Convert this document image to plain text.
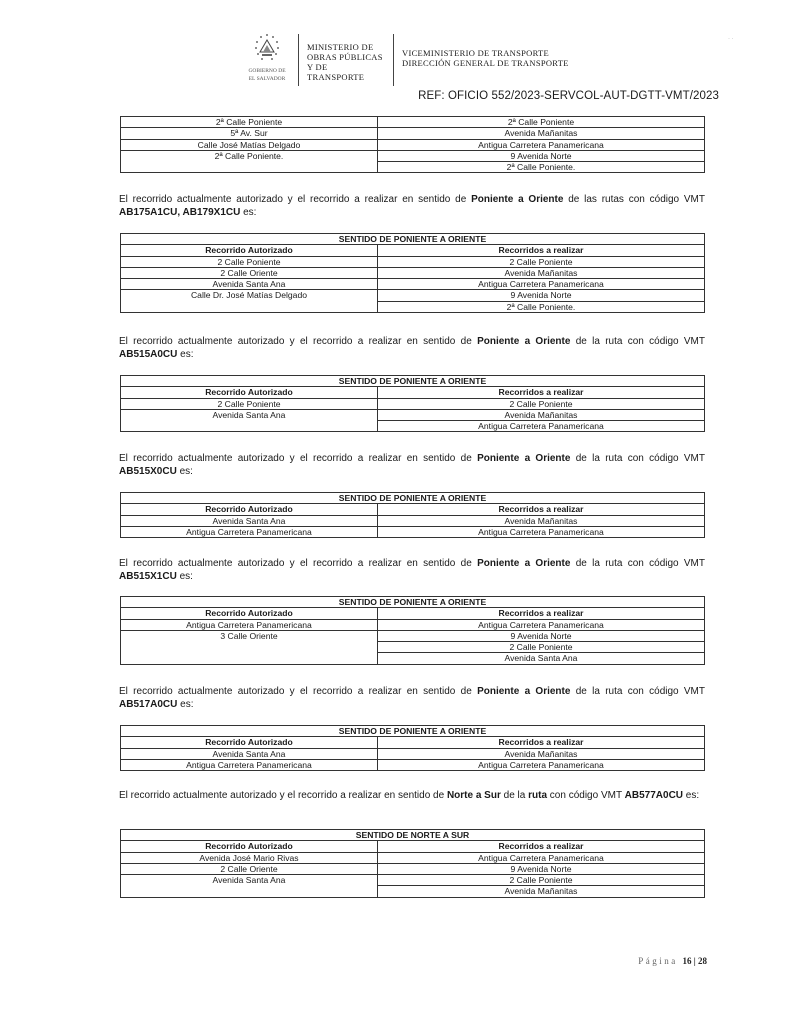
GOBIERNO DE
EL SALVADOR
MINISTERIO DE
OBRAS PÚBLICAS
Y DE TRANSPORTE
VICEMINISTERIO DE TRANSPORTE
DIRECCIÓN GENERAL DE TRANSPORTE
· ·
REF: OFICIO 552/2023-SERVCOL-AUT-DGTT-VMT/2023
2ª Calle Poniente	2ª Calle Poniente
5ª Av. Sur	Avenida Mañanitas
Calle José Matías Delgado	Antigua Carretera Panamericana
2ª Calle Poniente.	9 Avenida Norte
	2ª Calle Poniente.
El recorrido actualmente autorizado y el recorrido a realizar en sentido de Poniente a Oriente de las rutas con código VMT AB175A1CU, AB179X1CU es:
SENTIDO DE PONIENTE A ORIENTE	
Recorrido Autorizado	Recorridos a realizar
2 Calle Poniente	2 Calle Poniente
2 Calle Oriente	Avenida Mañanitas
Avenida Santa Ana	Antigua Carretera Panamericana
Calle Dr. José Matías Delgado	9 Avenida Norte
	2ª Calle Poniente.
El recorrido actualmente autorizado y el recorrido a realizar en sentido de Poniente a Oriente de la ruta con código VMT AB515A0CU es:
SENTIDO DE PONIENTE A ORIENTE	
Recorrido Autorizado	Recorridos a realizar
2 Calle Poniente	2 Calle Poniente
Avenida Santa Ana	Avenida Mañanitas
	Antigua Carretera Panamericana
El recorrido actualmente autorizado y el recorrido a realizar en sentido de Poniente a Oriente de la ruta con código VMT AB515X0CU es:
SENTIDO DE PONIENTE A ORIENTE	
Recorrido Autorizado	Recorridos a realizar
Avenida Santa Ana	Avenida Mañanitas
Antigua Carretera Panamericana	Antigua Carretera Panamericana
El recorrido actualmente autorizado y el recorrido a realizar en sentido de Poniente a Oriente de la ruta con código VMT AB515X1CU es:
SENTIDO DE PONIENTE A ORIENTE	
Recorrido Autorizado	Recorridos a realizar
Antigua Carretera Panamericana	Antigua Carretera Panamericana
3 Calle Oriente	9 Avenida Norte
	2 Calle Poniente
	Avenida Santa Ana
El recorrido actualmente autorizado y el recorrido a realizar en sentido de Poniente a Oriente de la ruta con código VMT AB517A0CU es:
SENTIDO DE PONIENTE A ORIENTE	
Recorrido Autorizado	Recorridos a realizar
Avenida Santa Ana	Avenida Mañanitas
Antigua Carretera Panamericana	Antigua Carretera Panamericana
El recorrido actualmente autorizado y el recorrido a realizar en sentido de Norte a Sur de la ruta con código VMT AB577A0CU es:
SENTIDO DE NORTE A SUR	
Recorrido Autorizado	Recorridos a realizar
Avenida José Mario Rivas	Antigua Carretera Panamericana
2 Calle Oriente	9 Avenida Norte
Avenida Santa Ana	2 Calle Poniente
	Avenida Mañanitas
Página 16 | 28
